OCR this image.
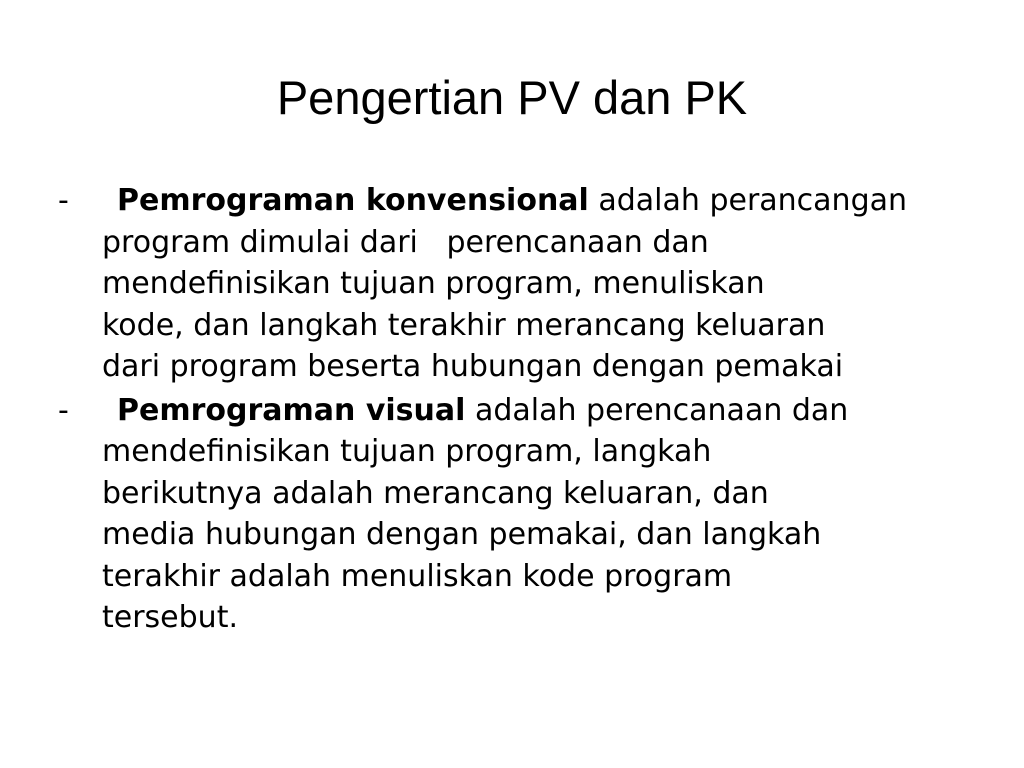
Pengertian PV dan PK
- Pemrograman konvensional adalah perancangan
program dimulai dari   perencanaan dan
mendefinisikan tujuan program, menuliskan
kode, dan langkah terakhir merancang keluaran
dari program beserta hubungan dengan pemakai
- Pemrograman visual adalah perencanaan dan
mendefinisikan tujuan program, langkah
berikutnya adalah merancang keluaran, dan
media hubungan dengan pemakai, dan langkah
terakhir adalah menuliskan kode program
tersebut.
